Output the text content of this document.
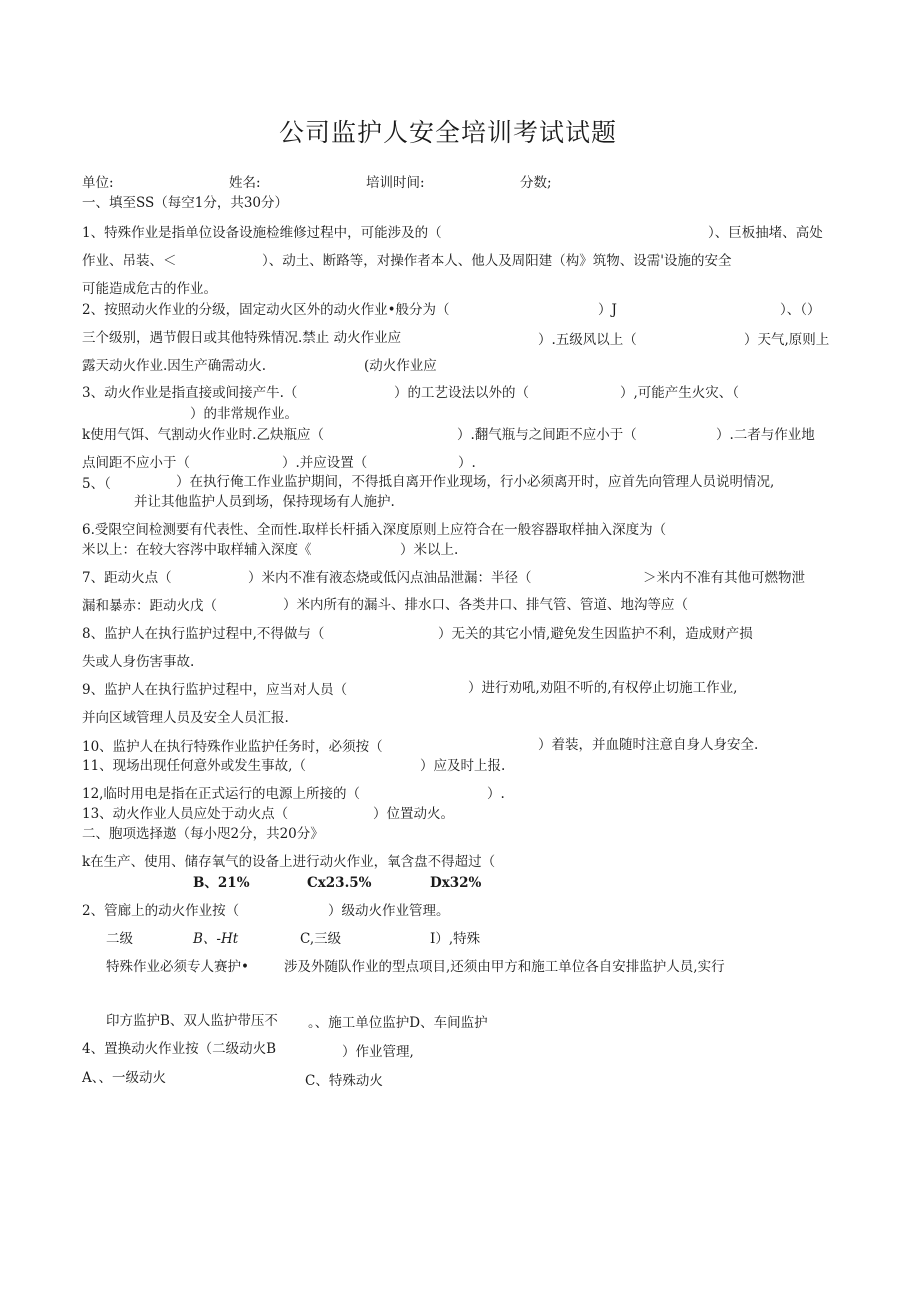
公司监护人安全培训考试试题
单位:	姓名:	培训时间:	分数;
一、填至SS（每空1分，共30分）
1、特殊作业是指单位设备设施检维修过程中，可能涉及的（	）、巨板抽堵、高处
作业、吊装、＜	）、动土、断路等，对操作者本人、他人及周阳建（构》筑物、设需'设施的安全
可能造成危古的作业。
2、按照动火作业的分级，固定动火区外的动火作业•般分为（	）J	）、（）
三个级别，遇节假日或其他特殊情况.禁止 动火作业应	）.五级风以上（	）天气,原则上
露天动火作业.因生产确需动火.	(动火作业应
3、动火作业是指直接或间接产牛.（	）的工艺设法以外的（	）,可能产生火灾、（
）的非常规作业。
k使用气饵、气割动火作业时.乙炔瓶应（	）.翻气瓶与之间距不应小于（	）.二者与作业地
点间距不应小于（	）.并应设置（	）.
5、（	）在执行俺工作业监护期间，不得抵自离开作业现场，行小必须离开时，应首先向管理人员说明情况,
并让其他监护人员到场，保持现场有人施护.
6.受限空间检测要有代表性、全而性.取样长杆插入深度原则上应符合在一般容器取样抽入深度为（
米以上：在较大容涔中取样辅入深度《	）米以上.
7、距动火点（	）米内不准有液态烧或低闪点油品泄漏：半径（	＞米内不准有其他可燃物泄
漏和暴赤：距动火戊（	）米内所有的漏斗、排水口、各类井口、排气管、管道、地沟等应（
8、监护人在执行监护过程中,不得做与（	）无关的其它小情,避免发生因监护不利，造成财产损
失或人身伤害事故.
9、监护人在执行监护过程中，应当对人员（	）进行劝吼,劝阻不听的,有权停止切施工作业,
并向区域管理人员及安全人员汇报.
10、监护人在执行特殊作业监护任务时，必须按（	）着装，并血随时注意自身人身安全.
11、现场出现任何意外或发生事故,（	）应及时上报.
12,临时用电是指在正式运行的电源上所接的（	）.
13、动火作业人员应处于动火点（	）位置动火。
二、胞项选择遨（每小咫2分，共20分》
k在生产、使用、储存氧气的设备上进行动火作业，氧含盘不得超过（
B、21%	Cx23.5%	Dx32%
2、管廊上的动火作业按（	）级动火作业管理。
二级	B、-Ht	C,三级	I）,特殊
特殊作业必须专人赛护•	涉及外随队作业的型点项目,还须由甲方和施工单位各自安排监护人员,实行
印方监护B、双人监护带压不 。、施工单位监护D、车间监护
4、置换动火作业按（二级动火B	）作业管理,
A、、一级动火	C、特殊动火
